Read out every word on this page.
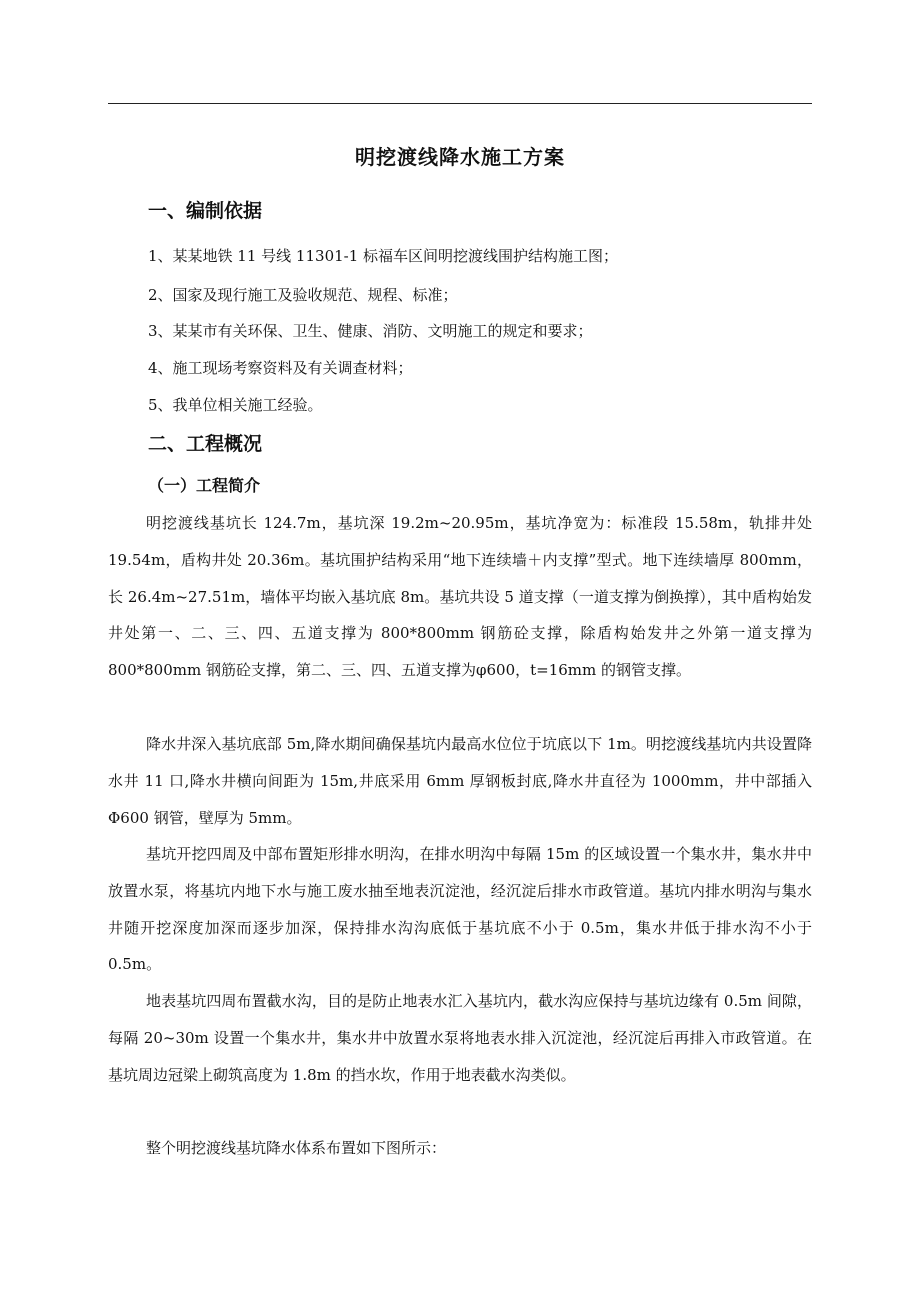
明挖渡线降水施工方案
一、编制依据
1、某某地铁 11 号线 11301-1 标福车区间明挖渡线围护结构施工图；
2、国家及现行施工及验收规范、规程、标准；
3、某某市有关环保、卫生、健康、消防、文明施工的规定和要求；
4、施工现场考察资料及有关调查材料；
5、我单位相关施工经验。
二、工程概况
（一）工程简介

明挖渡线基坑长 124.7m，基坑深 19.2m~20.95m，基坑净宽为：标准段 15.58m，轨排井处 19.54m，盾构井处 20.36m。基坑围护结构采用“地下连续墙＋内支撑”型式。地下连续墙厚 800mm，长 26.4m~27.51m，墙体平均嵌入基坑底 8m。基坑共设 5 道支撑（一道支撑为倒换撑），其中盾构始发井处第一、二、三、四、五道支撑为 800*800mm 钢筋砼支撑，除盾构始发井之外第一道支撑为 800*800mm 钢筋砼支撑，第二、三、四、五道支撑为φ600，t=16mm 的钢管支撑。

降水井深入基坑底部 5m,降水期间确保基坑内最高水位位于坑底以下 1m。明挖渡线基坑内共设置降水井 11 口,降水井横向间距为 15m,井底采用 6mm 厚钢板封底,降水井直径为 1000mm，井中部插入Φ600 钢管，壁厚为 5mm。

基坑开挖四周及中部布置矩形排水明沟，在排水明沟中每隔 15m 的区域设置一个集水井，集水井中放置水泵，将基坑内地下水与施工废水抽至地表沉淀池，经沉淀后排水市政管道。基坑内排水明沟与集水井随开挖深度加深而逐步加深，保持排水沟沟底低于基坑底不小于 0.5m，集水井低于排水沟不小于 0.5m。

地表基坑四周布置截水沟，目的是防止地表水汇入基坑内，截水沟应保持与基坑边缘有 0.5m 间隙，每隔 20~30m 设置一个集水井，集水井中放置水泵将地表水排入沉淀池，经沉淀后再排入市政管道。在基坑周边冠梁上砌筑高度为 1.8m 的挡水坎，作用于地表截水沟类似。

整个明挖渡线基坑降水体系布置如下图所示：
